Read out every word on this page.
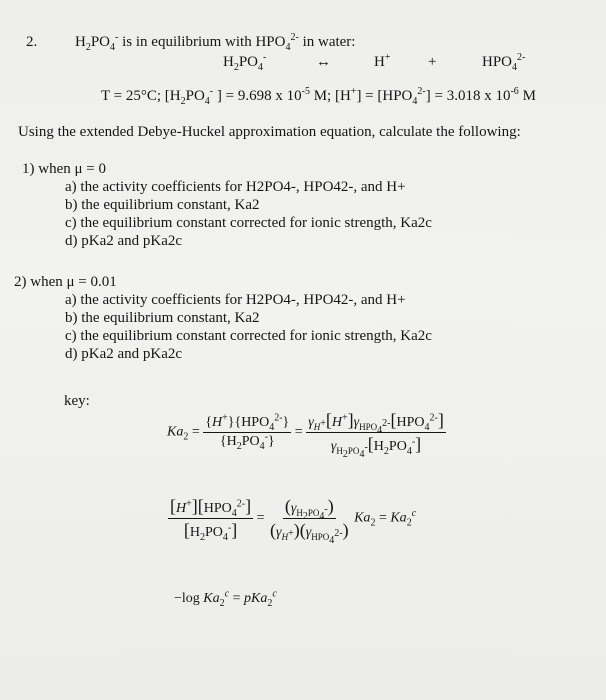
2.	$H_2PO_4^-$ is in equilibrium with $HPO_4^{2-}$ in water:
$H_2PO_4^-$	↔	H+	+	$HPO_4^{2-}$
T = 25°C; [$H_2PO_4^-$ ] = 9.698 x $10^{-5}$ M; $[H^+] = [HPO_4^{2-}] = 3.018$ x $10^{-6}$ M
Using the extended Debye-Huckel approximation equation, calculate the following:
1) when μ = 0
a) the activity coefficients for H2PO4-, HPO42-, and H+
b) the equilibrium constant, Ka2
c) the equilibrium constant corrected for ionic strength, Ka2c
d) pKa2 and pKa2c
2) when μ = 0.01
a) the activity coefficients for H2PO4-, HPO42-, and H+
b) the equilibrium constant, Ka2
c) the equilibrium constant corrected for ionic strength, Ka2c
d) pKa2 and pKa2c
key:
$Ka_2 = \frac{\{H^+\}\{HPO_4^{2-}\}}{\{H_2PO_4^-\}} = \frac{\gamma_{H^+}[H^+]\gamma_{HPO_4^{2-}}[HPO_4^{2-}]}{\gamma_{H_2PO_4^-}[H_2PO_4^-]}$
$\frac{[H^+][HPO_4^{2-}]}{[H_2PO_4^-]} = \frac{(\gamma_{H_2PO_4^-})}{(\gamma_{H^+})(\gamma_{HPO_4^{2-}})} Ka_2 = Ka_2^c$
−log $Ka_2^c = pKa_2^c$
